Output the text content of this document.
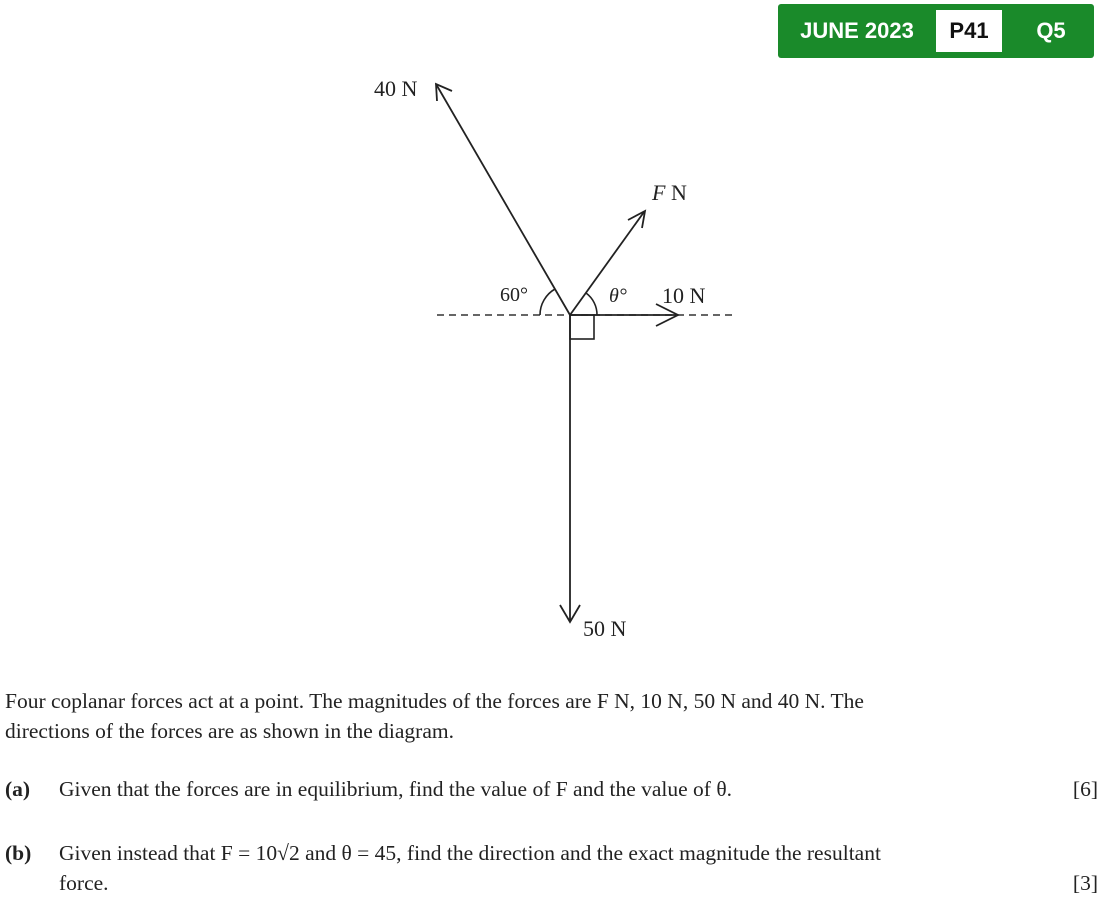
JUNE 2023	P41	Q5
40 N
F N
60°	θ° 10 N
50 N
Four coplanar forces act at a point. The magnitudes of the forces are F N, 10 N, 50 N and 40 N. The
directions of the forces are as shown in the diagram.
(a) Given that the forces are in equilibrium, find the value of F and the value of θ.	[6]
(b) Given instead that F = 10√2 and θ = 45, find the direction and the exact magnitude the resultant
force.	[3]
